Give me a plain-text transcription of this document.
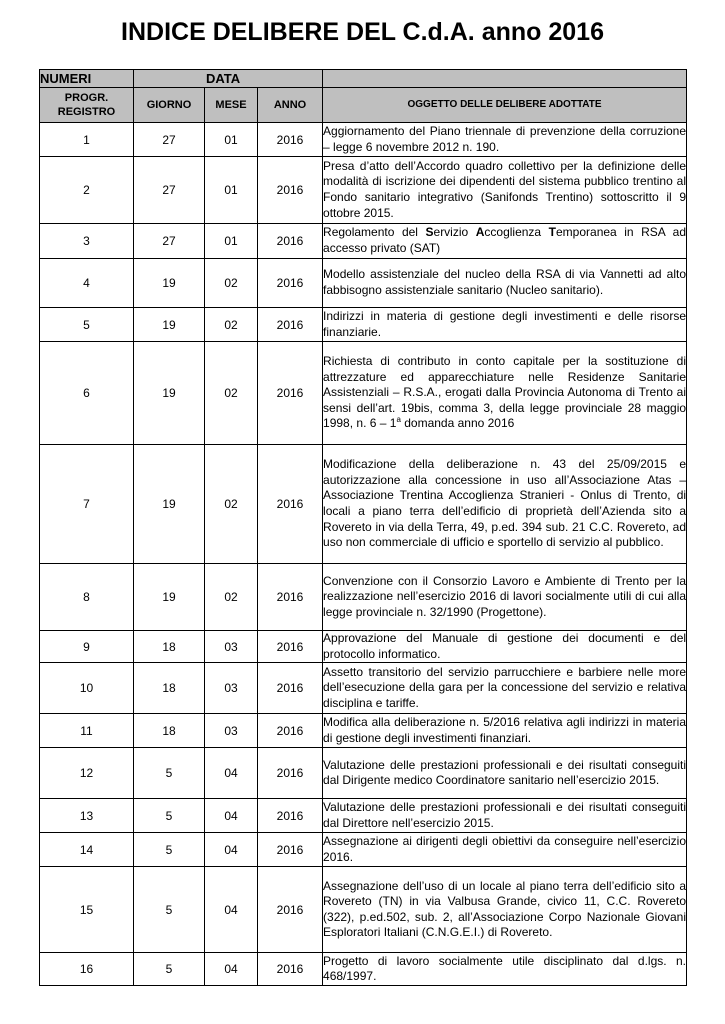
INDICE DELIBERE DEL C.d.A. anno 2016
NUMERI	DATA			
PROGR.
REGISTRO	GIORNO	MESE	ANNO	OGGETTO DELLE DELIBERE ADOTTATE
1	27	01	2016	Aggiornamento del Piano triennale di prevenzione della corruzione – legge 6 novembre 2012 n. 190.
2	27	01	2016	Presa d’atto dell’Accordo quadro collettivo per la definizione delle modalità di iscrizione dei dipendenti del sistema pubblico trentino al Fondo sanitario integrativo (Sanifonds Trentino) sottoscritto il 9 ottobre 2015.
3	27	01	2016	Regolamento del Servizio Accoglienza Temporanea in RSA ad accesso privato (SAT)
4	19	02	2016	Modello assistenziale del nucleo della RSA di via Vannetti ad alto fabbisogno assistenziale sanitario (Nucleo sanitario).
5	19	02	2016	Indirizzi in materia di gestione degli investimenti e delle risorse finanziarie.
6	19	02	2016	Richiesta di contributo in conto capitale per la sostituzione di attrezzature ed apparecchiature nelle Residenze Sanitarie Assistenziali – R.S.A., erogati dalla Provincia Autonoma di Trento ai sensi dell’art. 19bis, comma 3, della legge provinciale 28 maggio 1998, n. 6 – 1$^a$ domanda anno 2016
7	19	02	2016	Modificazione della deliberazione n. 43 del 25/09/2015 e autorizzazione alla concessione in uso all’Associazione Atas – Associazione Trentina Accoglienza Stranieri - Onlus di Trento, di locali a piano terra dell’edificio di proprietà dell’Azienda sito a Rovereto in via della Terra, 49, p.ed. 394 sub. 21 C.C. Rovereto, ad uso non commerciale di ufficio e sportello di servizio al pubblico.
8	19	02	2016	Convenzione con il Consorzio Lavoro e Ambiente di Trento per la realizzazione nell’esercizio 2016 di lavori socialmente utili di cui alla legge provinciale n. 32/1990 (Progettone).
9	18	03	2016	Approvazione del Manuale di gestione dei documenti e del protocollo informatico.
10	18	03	2016	Assetto transitorio del servizio parrucchiere e barbiere nelle more dell’esecuzione della gara per la concessione del servizio e relativa disciplina e tariffe.
11	18	03	2016	Modifica alla deliberazione n. 5/2016 relativa agli indirizzi in materia di gestione degli investimenti finanziari.
12	5	04	2016	Valutazione delle prestazioni professionali e dei risultati conseguiti dal Dirigente medico Coordinatore sanitario nell’esercizio 2015.
13	5	04	2016	Valutazione delle prestazioni professionali e dei risultati conseguiti dal Direttore nell’esercizio 2015.
14	5	04	2016	Assegnazione ai dirigenti degli obiettivi da conseguire nell’esercizio 2016.
15	5	04	2016	Assegnazione dell’uso di un locale al piano terra dell’edificio sito a Rovereto (TN) in via Valbusa Grande, civico 11, C.C. Rovereto (322), p.ed.502, sub. 2, all’Associazione Corpo Nazionale Giovani Esploratori Italiani (C.N.G.E.I.) di Rovereto.
16	5	04	2016	Progetto di lavoro socialmente utile disciplinato dal d.lgs. n. 468/1997.
